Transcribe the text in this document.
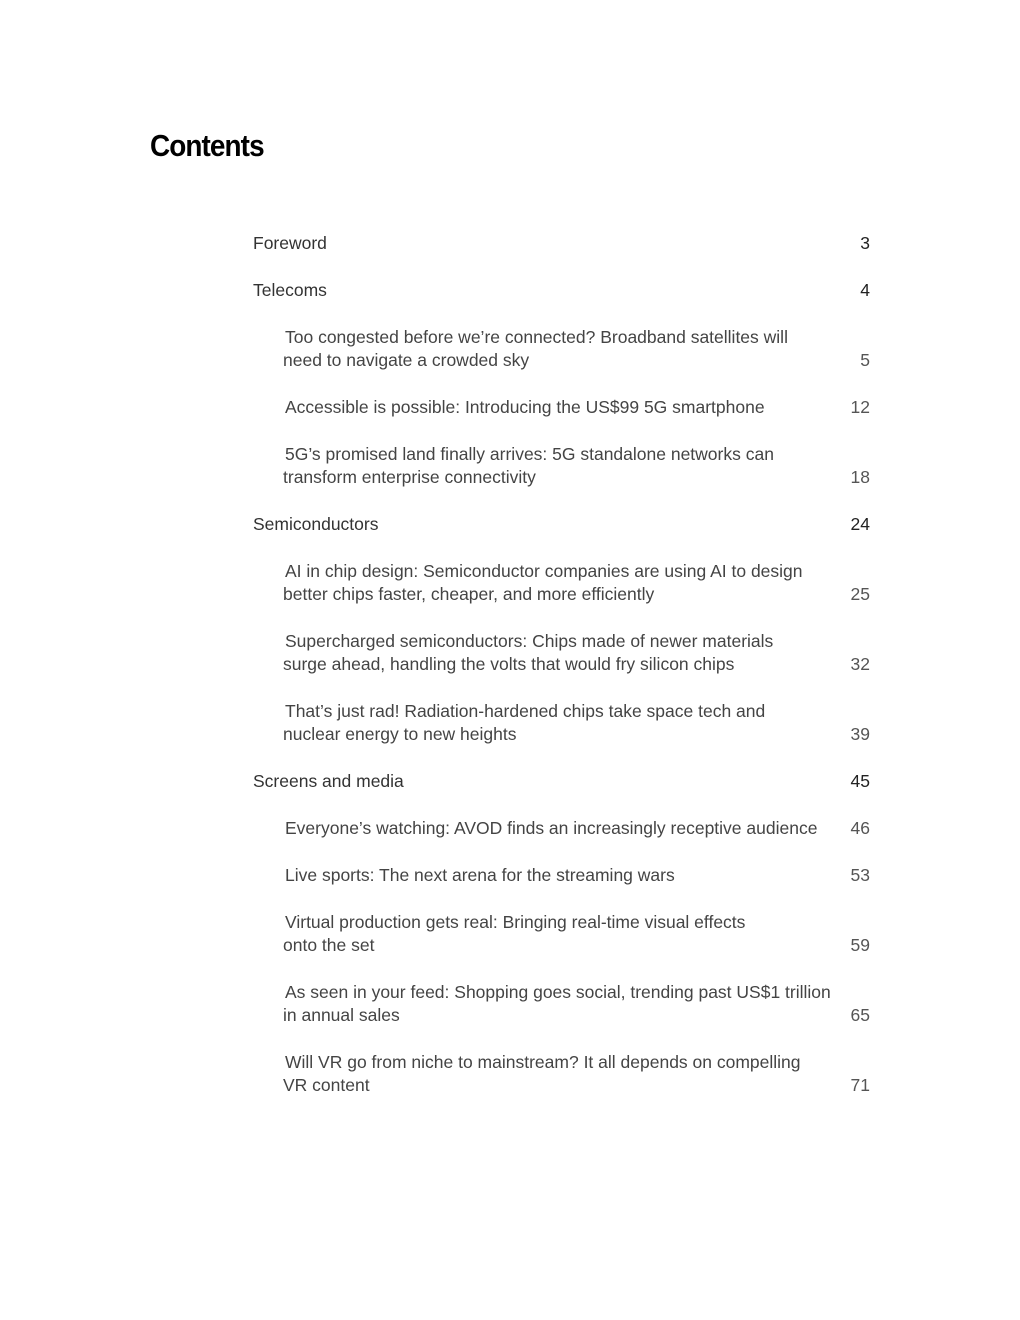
Contents
Foreword	3
Telecoms	4
Too congested before we’re connected? Broadband satellites will need to navigate a crowded sky	5
Accessible is possible: Introducing the US$99 5G smartphone	12
5G’s promised land finally arrives: 5G standalone networks can transform enterprise connectivity	18
Semiconductors	24
AI in chip design: Semiconductor companies are using AI to design better chips faster, cheaper, and more efficiently	25
Supercharged semiconductors: Chips made of newer materials surge ahead, handling the volts that would fry silicon chips	32
That’s just rad! Radiation-hardened chips take space tech and nuclear energy to new heights	39
Screens and media	45
Everyone’s watching: AVOD finds an increasingly receptive audience	46
Live sports: The next arena for the streaming wars	53
Virtual production gets real: Bringing real-time visual effects onto the set	59
As seen in your feed: Shopping goes social, trending past US$1 trillion in annual sales	65
Will VR go from niche to mainstream? It all depends on compelling VR content	71
